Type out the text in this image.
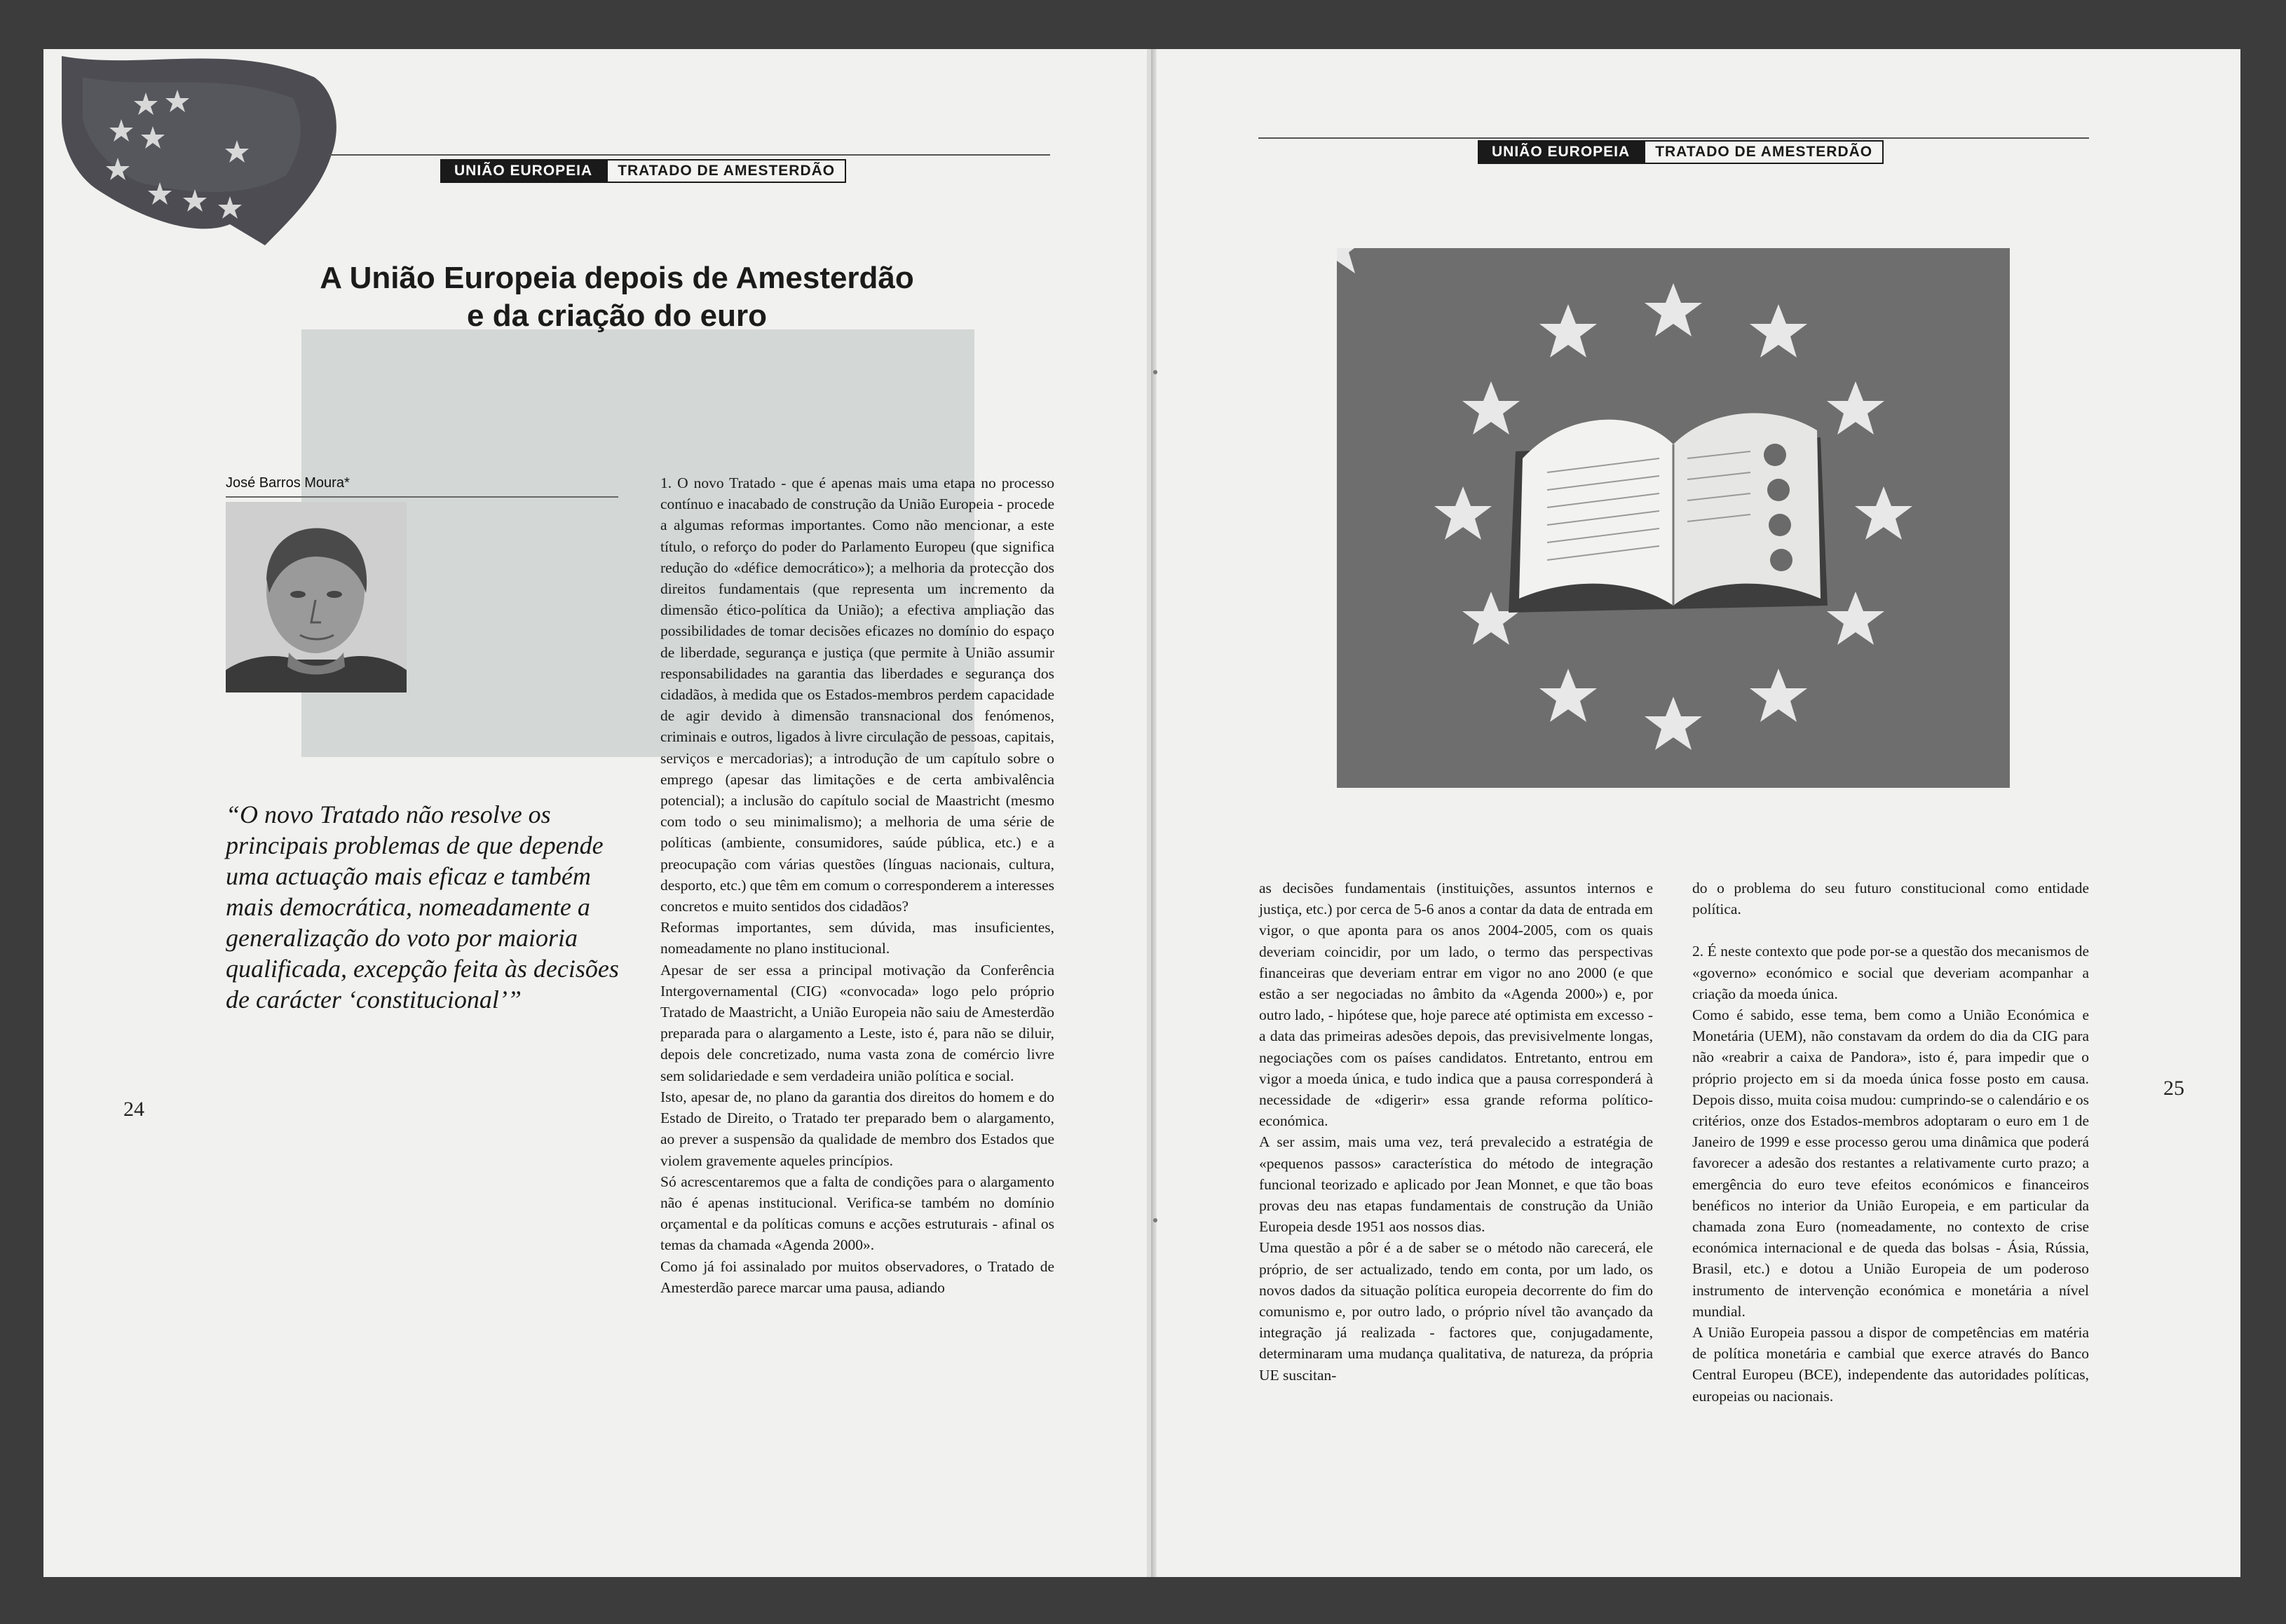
UNIÃO EUROPEIA	TRATADO DE AMESTERDÃO
A União Europeia depois de Amesterdão
e da criação do euro
José Barros Moura*
“O novo Tratado não resolve os principais problemas de que depende uma actuação mais eficaz e também mais democrática, nomeadamente a generalização do voto por maioria qualificada, excepção feita às decisões de carácter ‘constitucional’”

1. O novo Tratado - que é apenas mais uma etapa no processo contínuo e inacabado de construção da União Europeia - procede a algumas reformas importantes. Como não mencionar, a este título, o reforço do poder do Parlamento Europeu (que significa redução do «défice democrático»); a melhoria da protecção dos direitos fundamentais (que representa um incremento da dimensão ético-política da União); a efectiva ampliação das possibilidades de tomar decisões eficazes no domínio do espaço de liberdade, segurança e justiça (que permite à União assumir responsabilidades na garantia das liberdades e segurança dos cidadãos, à medida que os Estados-membros perdem capacidade de agir devido à dimensão transnacional dos fenómenos, criminais e outros, ligados à livre circulação de pessoas, capitais, serviços e mercadorias); a introdução de um capítulo sobre o emprego (apesar das limitações e de certa ambivalência potencial); a inclusão do capítulo social de Maastricht (mesmo com todo o seu minimalismo); a melhoria de uma série de políticas (ambiente, consumidores, saúde pública, etc.) e a preocupação com várias questões (línguas nacionais, cultura, desporto, etc.) que têm em comum o corresponderem a interesses concretos e muito sentidos dos cidadãos?

Reformas importantes, sem dúvida, mas insuficientes, nomeadamente no plano institucional.

Apesar de ser essa a principal motivação da Conferência Intergovernamental (CIG) «convocada» logo pelo próprio Tratado de Maastricht, a União Europeia não saiu de Amesterdão preparada para o alargamento a Leste, isto é, para não se diluir, depois dele concretizado, numa vasta zona de comércio livre sem solidariedade e sem verdadeira união política e social.

Isto, apesar de, no plano da garantia dos direitos do homem e do Estado de Direito, o Tratado ter preparado bem o alargamento, ao prever a suspensão da qualidade de membro dos Estados que violem gravemente aqueles princípios.

Só acrescentaremos que a falta de condições para o alargamento não é apenas institucional. Verifica-se também no domínio orçamental e da políticas comuns e acções estruturais - afinal os temas da chamada «Agenda 2000».

Como já foi assinalado por muitos observadores, o Tratado de Amesterdão parece marcar uma pausa, adiando

24
UNIÃO EUROPEIA	TRATADO DE AMESTERDÃO

as decisões fundamentais (instituições, assuntos internos e justiça, etc.) por cerca de 5-6 anos a contar da data de entrada em vigor, o que aponta para os anos 2004-2005, com os quais deveriam coincidir, por um lado, o termo das perspectivas financeiras que deveriam entrar em vigor no ano 2000 (e que estão a ser negociadas no âmbito da «Agenda 2000») e, por outro lado, - hipótese que, hoje parece até optimista em excesso - a data das primeiras adesões depois, das previsivelmente longas, negociações com os países candidatos. Entretanto, entrou em vigor a moeda única, e tudo indica que a pausa corresponderá à necessidade de «digerir» essa grande reforma político-económica.

A ser assim, mais uma vez, terá prevalecido a estratégia de «pequenos passos» característica do método de integração funcional teorizado e aplicado por Jean Monnet, e que tão boas provas deu nas etapas fundamentais de construção da União Europeia desde 1951 aos nossos dias.

Uma questão a pôr é a de saber se o método não carecerá, ele próprio, de ser actualizado, tendo em conta, por um lado, os novos dados da situação política europeia decorrente do fim do comunismo e, por outro lado, o próprio nível tão avançado da integração já realizada - factores que, conjugadamente, determinaram uma mudança qualitativa, de natureza, da própria UE suscitan-

do o problema do seu futuro constitucional como entidade política.

2. É neste contexto que pode por-se a questão dos mecanismos de «governo» económico e social que deveriam acompanhar a criação da moeda única.

Como é sabido, esse tema, bem como a União Económica e Monetária (UEM), não constavam da ordem do dia da CIG para não «reabrir a caixa de Pandora», isto é, para impedir que o próprio projecto em si da moeda única fosse posto em causa. Depois disso, muita coisa mudou: cumprindo-se o calendário e os critérios, onze dos Estados-membros adoptaram o euro em 1 de Janeiro de 1999 e esse processo gerou uma dinâmica que poderá favorecer a adesão dos restantes a relativamente curto prazo; a emergência do euro teve efeitos económicos e financeiros benéficos no interior da União Europeia, e em particular da chamada zona Euro (nomeadamente, no contexto de crise económica internacional e de queda das bolsas - Ásia, Rússia, Brasil, etc.) e dotou a União Europeia de um poderoso instrumento de intervenção económica e monetária a nível mundial.

A União Europeia passou a dispor de competências em matéria de política monetária e cambial que exerce através do Banco Central Europeu (BCE), independente das autoridades políticas, europeias ou nacionais.

25
